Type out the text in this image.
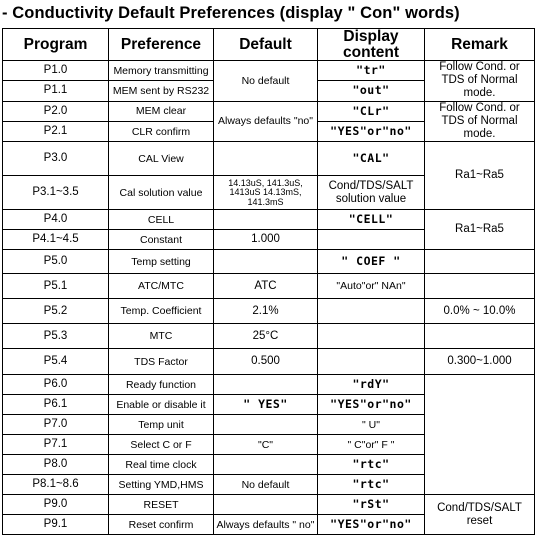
- Conductivity Default Preferences (display " Con" words)
Program	Preference	Default	Display content	Remark
P1.0	Memory transmitting	No default	"tr"	Follow Cond. or TDS of Normal mode.
P1.1	MEM sent by RS232		"out"	
P2.0	MEM clear	Always defaults "no"	"CLr"	Follow Cond. or TDS of Normal mode.
P2.1	CLR confirm		"YES"or"no"	
P3.0	CAL View		"CAL"	Ra1~Ra5
P3.1~3.5	Cal solution value	14.13uS, 141.3uS, 1413uS 14.13mS, 141.3mS	Cond/TDS/SALT solution value	
P4.0	CELL		"CELL"	Ra1~Ra5
P4.1~4.5	Constant	1.000		
P5.0	Temp setting		" COEF "	
P5.1	ATC/MTC	ATC	"Auto"or" NAn"	
P5.2	Temp. Coefficient	2.1%		0.0% ~ 10.0%
P5.3	MTC	25°C		
P5.4	TDS Factor	0.500		0.300~1.000
P6.0	Ready function		"rdY"	
P6.1	Enable or disable it	" YES"	"YES"or"no"	
P7.0	Temp unit		" U"	
P7.1	Select C or F	"C"	" C"or" F "	
P8.0	Real time clock		"rtc"	
P8.1~8.6	Setting YMD,HMS	No default	"rtc"	
P9.0	RESET		"rSt"	Cond/TDS/SALT reset
P9.1	Reset confirm	Always defaults " no"	"YES"or"no"	
